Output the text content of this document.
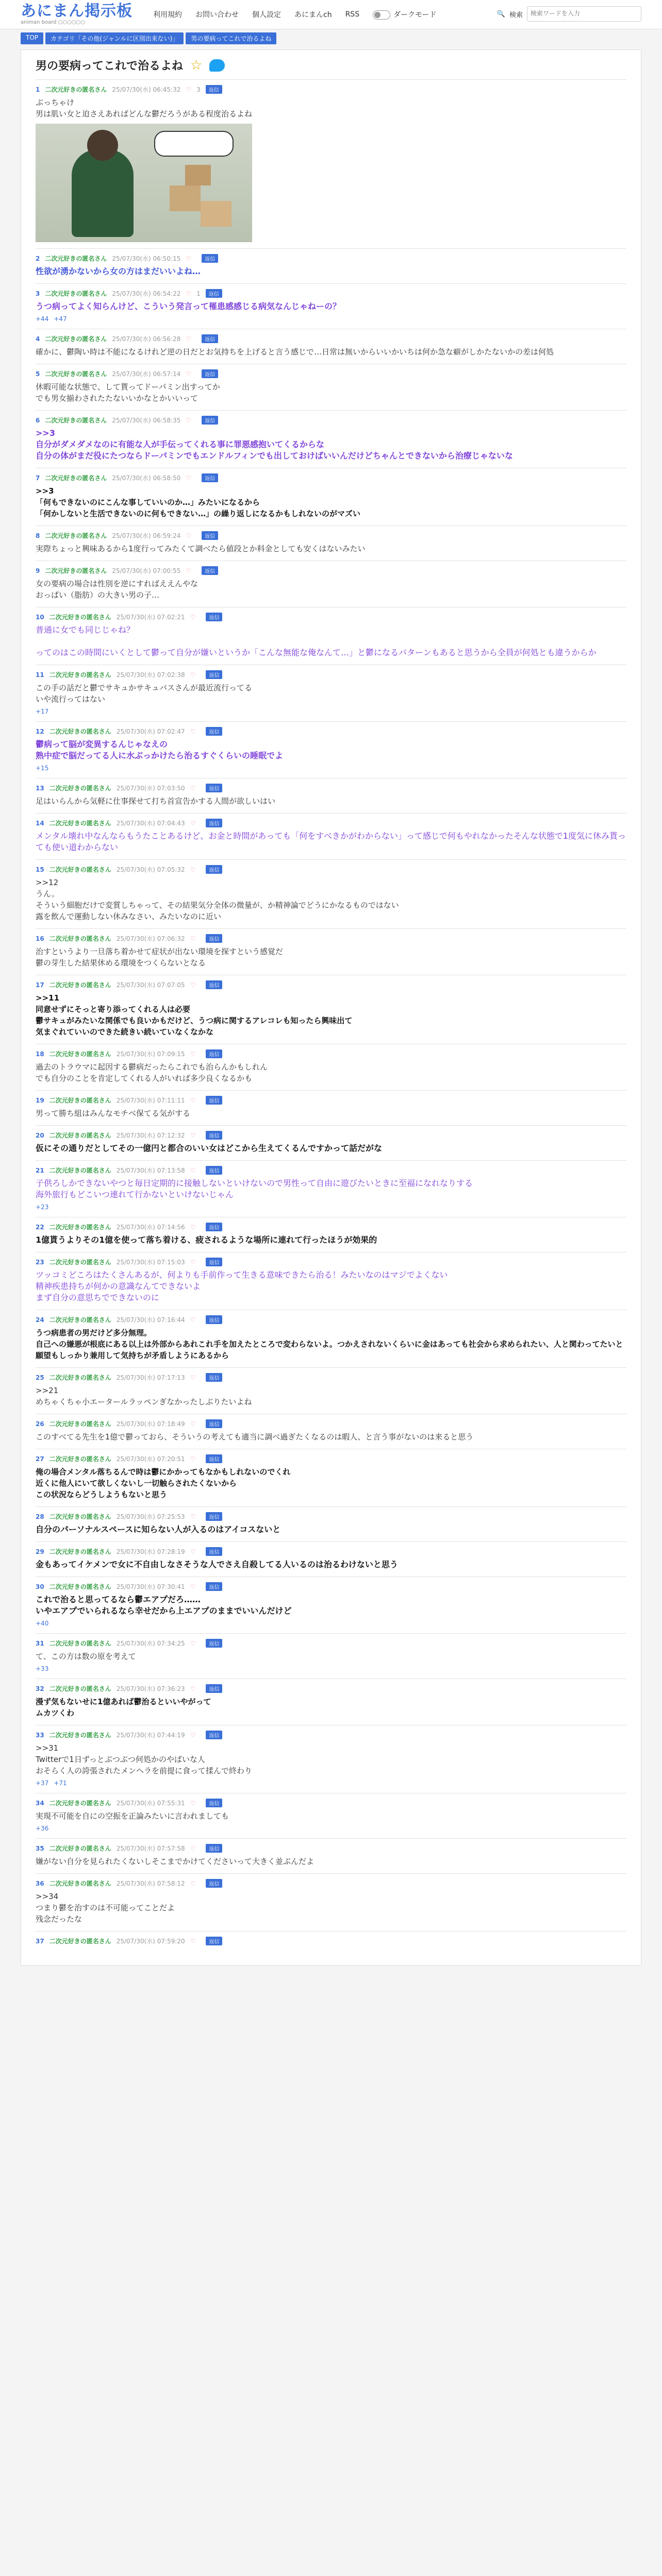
あにまん掲示板
animan board ○○○○○○
利用規約 お問い合わせ 個人設定 あにまんch RSS	ダークモード	🔍 検索
検索ワードを入力
TOP	カテゴリ「その他(ジャンルに区別出来ない)」	男の要病ってこれで治るよね
男の要病ってこれで治るよね ☆
1 二次元好きの匿名さん 25/07/30(水) 06:45:32 ♡ 3	返信
ぶっちゃけ
男は肌い女と迫さえあればどんな鬱だろうがある程度治るよね
2 二次元好きの匿名さん 25/07/30(水) 06:50:15 ♡	返信
性欲が湧かないから女の方はまだいいよね…
3 二次元好きの匿名さん 25/07/30(水) 06:54:22 ♡ 1	返信
うつ病ってよく知らんけど、こういう発言って罹患感感じる病気なんじゃねーの？
+44 +47
4 二次元好きの匿名さん 25/07/30(水) 06:56:28 ♡	返信
確かに、鬱陶い時は不能になるけれど逆の日だとお気持ちを上げると言う感じで…日常は無いからいいかいちは何か急な癖がしかたないかの差は何処
5 二次元好きの匿名さん 25/07/30(水) 06:57:14 ♡	返信
休暇可能な状態で、して貰ってドーパミン出すってか
でも男女揃わされたたないいかなとかいいって
6 二次元好きの匿名さん 25/07/30(水) 06:58:35 ♡	返信
>>3
自分がダメダメなのに有能な人が手伝ってくれる事に罪悪感抱いてくるからな
自分の体がまだ役にたつならドーパミンでもエンドルフィンでも出しておけばいいんだけどちゃんとできないから治療じゃないな
7 二次元好きの匿名さん 25/07/30(水) 06:58:50 ♡	返信
>>3
「何もできないのにこんな事していいのか…」みたいになるから
「何かしないと生活できないのに何もできない…」の繰り返しになるかもしれないのがマズい
8 二次元好きの匿名さん 25/07/30(水) 06:59:24 ♡	返信
実際ちょっと興味あるから1度行ってみたくて調べたら値段とか料金としても安くはないみたい
9 二次元好きの匿名さん 25/07/30(水) 07:00:55 ♡	返信
女の要病の場合は性別を逆にすればええんやな
おっぱい（脂肪）の大きい男の子…
10 二次元好きの匿名さん 25/07/30(水) 07:02:21 ♡	返信
普通に女でも同じじゃね？

ってのはこの時間にいくとして鬱って自分が嫌いというか「こんな無能な俺なんて…」と鬱になるパターンもあると思うから全員が何処とも違うからか
11 二次元好きの匿名さん 25/07/30(水) 07:02:38 ♡	返信
この手の話だと鬱でサキュかサキュバスさんが最近流行ってる
いや流行ってはない
+17
12 二次元好きの匿名さん 25/07/30(水) 07:02:47 ♡	返信
鬱病って脳が変異するんじゃなえの
熟中症で脳だってる人に水ぶっかけたら治るすぐくらいの睡眠でよ
+15
13 二次元好きの匿名さん 25/07/30(水) 07:03:50 ♡	返信
足はいらんから気軽に仕事探せて打ち首宣告かする人間が欲しいはい
14 二次元好きの匿名さん 25/07/30(水) 07:04:43 ♡	返信
メンタル壊れ中なんならもうたことあるけど、お金と時間があっても「何をすべきかがわからない」って感じで何もやれなかったそんな状態で1度気に休み貰っても使い道わからない
15 二次元好きの匿名さん 25/07/30(水) 07:05:32 ♡	返信
>>12
うん。
そういう細胞だけで変質しちゃって、その結果気分全体の微量が、か精神論でどうにかなるものではない
露を飲んで運動しない休みなさい、みたいなのに近い
16 二次元好きの匿名さん 25/07/30(水) 07:06:32 ♡	返信
治すというより一旦落ち着かせて症状が出ない環境を探すという感覚だ
鬱の芽生した結果休める環境をつくらないとなる
17 二次元好きの匿名さん 25/07/30(水) 07:07:05 ♡	返信
>>11
同意せずにそっと寄り添ってくれる人は必要
鬱サキュがみたいな関係でも良いかもだけど、うつ病に関するアレコレも知ったら興味出て
気まぐれていいのできた続きい続いていなくなかな
18 二次元好きの匿名さん 25/07/30(水) 07:09:15 ♡	返信
過去のトラウマに起因する鬱病だったらこれでも治らんかもしれん
でも自分のことを肯定してくれる人がいれば多少良くなるかも
19 二次元好きの匿名さん 25/07/30(水) 07:11:11 ♡	返信
男って勝ち組はみんなモチベ保てる気がする
20 二次元好きの匿名さん 25/07/30(水) 07:12:32 ♡	返信
仮にその通りだとしてその一億円と都合のいい女はどこから生えてくるんですかって話だがな
21 二次元好きの匿名さん 25/07/30(水) 07:13:58 ♡	返信
子供ろしかできないやつと毎日定期的に接触しないといけないので男性って自由に遊びたいときに至福になれなりする
海外旅行もどこいつ連れて行かないといけないじゃん
+23
22 二次元好きの匿名さん 25/07/30(水) 07:14:56 ♡	返信
1億貰うよりその1億を使って落ち着ける、疲されるような場所に連れて行ったほうが効果的
23 二次元好きの匿名さん 25/07/30(水) 07:15:03 ♡	返信
ツッコミどころはたくさんあるが、何よりも手前作って生きる意味できたら治る！みたいなのはマジでよくない
精神疾患持ちが何かの意識なんてできないよ
まず自分の意思ちでできないのに
24 二次元好きの匿名さん 25/07/30(水) 07:16:44 ♡	返信
うつ病患者の男だけど多分無理。
自己への嫌悪が根底にある以上は外部からあれこれ手を加えたところで変わらないよ。つかえされないくらいに金はあっても社会から求められたい、人と関わってたいと願望もしっかり兼用して気持ちが矛盾しようにあるから
25 二次元好きの匿名さん 25/07/30(水) 07:17:13 ♡	返信
>>21
めちゃくちゃ小エータールラッペンぎなかったしぶりたいよね
26 二次元好きの匿名さん 25/07/30(水) 07:18:49 ♡	返信
このすべてる先生を1億で鬱っておら、そういうの考えても適当に調べ過ぎたくなるのは暇人、と言う事がないのは来ると思う
27 二次元好きの匿名さん 25/07/30(水) 07:20:51 ♡	返信
俺の場合メンタル落ちるんで時は鬱にかかってもなかもしれないのでくれ
近くに他人にいて欲しくないし一切触らされたくないから
この状況ならどうしようもないと思う
28 二次元好きの匿名さん 25/07/30(水) 07:25:53 ♡	返信
自分のパーソナルスペースに知らない人が入るのはアイコスないと
29 二次元好きの匿名さん 25/07/30(水) 07:28:19 ♡	返信
金もあってイケメンで女に不自由しなさそうな人でさえ自殺してる人いるのは治るわけないと思う
30 二次元好きの匿名さん 25/07/30(水) 07:30:41 ♡	返信
これで治ると思ってるなら鬱エアプだろ……
いやエアプでいられるなら幸せだから上エアプのままでいいんだけど
+40
31 二次元好きの匿名さん 25/07/30(水) 07:34:25 ♡	返信
て、この方は数の原を考えて
+33
32 二次元好きの匿名さん 25/07/30(水) 07:36:23 ♡	返信
漫ず気もないせに1億あれば鬱治るといいやがって
ムカツくわ
33 二次元好きの匿名さん 25/07/30(水) 07:44:19 ♡	返信
>>31
Twitterで1日ずっとぶつぶつ何処かのやばいな人
おそらく人の誇張されたメンヘラを前提に食って揉んで終わり
+37 +71
34 二次元好きの匿名さん 25/07/30(水) 07:55:31 ♡	返信
実現不可能を自にの空振を正論みたいに言われましても
+36
35 二次元好きの匿名さん 25/07/30(水) 07:57:58 ♡	返信
嫌がない自分を見られたくないしそこまでかけてくださいって大きく並ぶんだよ
36 二次元好きの匿名さん 25/07/30(水) 07:58:12 ♡	返信
>>34
つまり鬱を治すのは不可能ってことだよ
残念だったな
37 二次元好きの匿名さん 25/07/30(水) 07:59:20 ♡	返信
